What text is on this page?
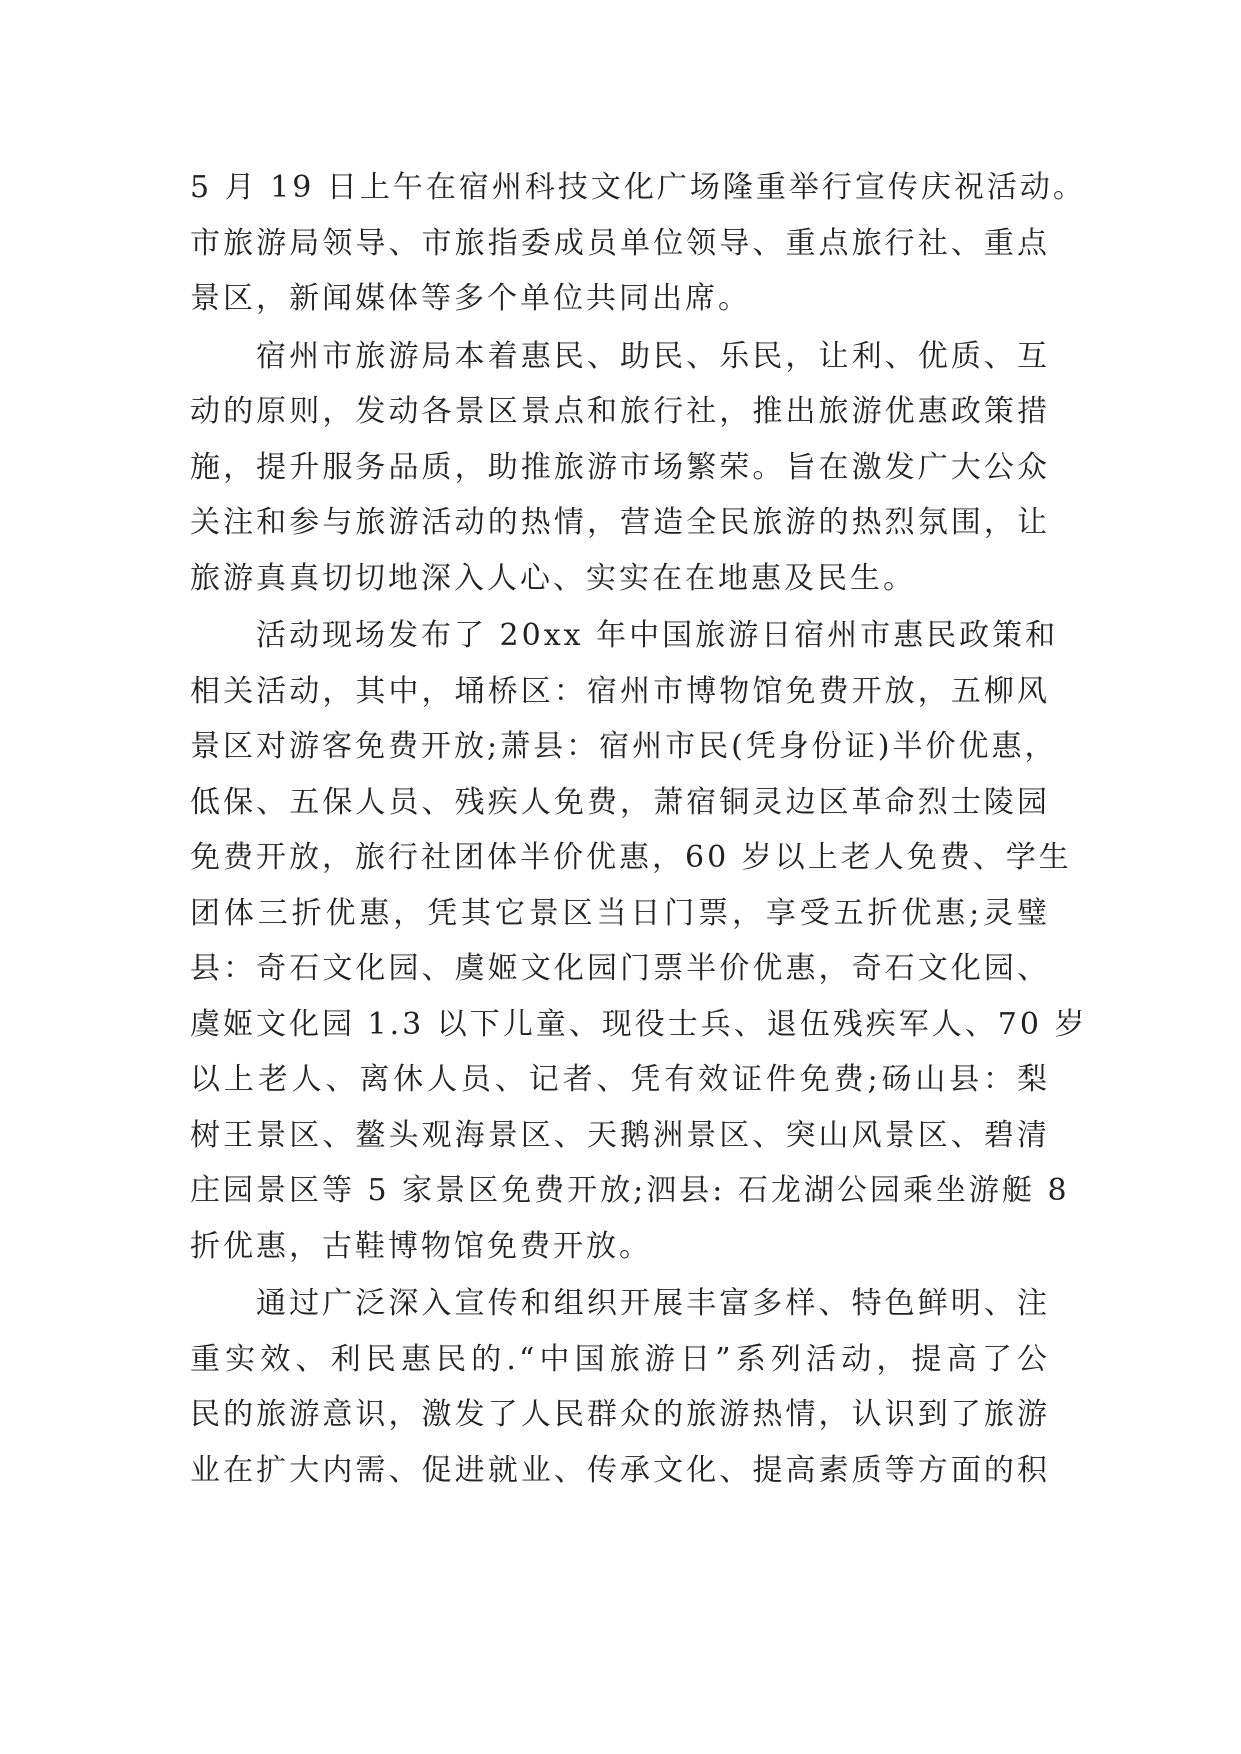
5 月 19 日上午在宿州科技文化广场隆重举行宣传庆祝活动。
市旅游局领导、市旅指委成员单位领导、重点旅行社、重点
景区，新闻媒体等多个单位共同出席。
宿州市旅游局本着惠民、助民、乐民，让利、优质、互
动的原则，发动各景区景点和旅行社，推出旅游优惠政策措
施，提升服务品质，助推旅游市场繁荣。旨在激发广大公众
关注和参与旅游活动的热情，营造全民旅游的热烈氛围，让
旅游真真切切地深入人心、实实在在地惠及民生。
活动现场发布了 20xx 年中国旅游日宿州市惠民政策和
相关活动，其中，埇桥区：宿州市博物馆免费开放，五柳风
景区对游客免费开放;萧县：宿州市民(凭身份证)半价优惠，
低保、五保人员、残疾人免费，萧宿铜灵边区革命烈士陵园
免费开放，旅行社团体半价优惠，60 岁以上老人免费、学生
团体三折优惠，凭其它景区当日门票，享受五折优惠;灵璧
县：奇石文化园、虞姬文化园门票半价优惠，奇石文化园、
虞姬文化园 1.3 以下儿童、现役士兵、退伍残疾军人、70 岁
以上老人、离休人员、记者、凭有效证件免费;砀山县：梨
树王景区、鳌头观海景区、天鹅洲景区、突山风景区、碧清
庄园景区等 5 家景区免费开放;泗县: 石龙湖公园乘坐游艇 8
折优惠，古鞋博物馆免费开放。
通过广泛深入宣传和组织开展丰富多样、特色鲜明、注
重实效、利民惠民的.“中国旅游日”系列活动，提高了公
民的旅游意识，激发了人民群众的旅游热情，认识到了旅游
业在扩大内需、促进就业、传承文化、提高素质等方面的积
